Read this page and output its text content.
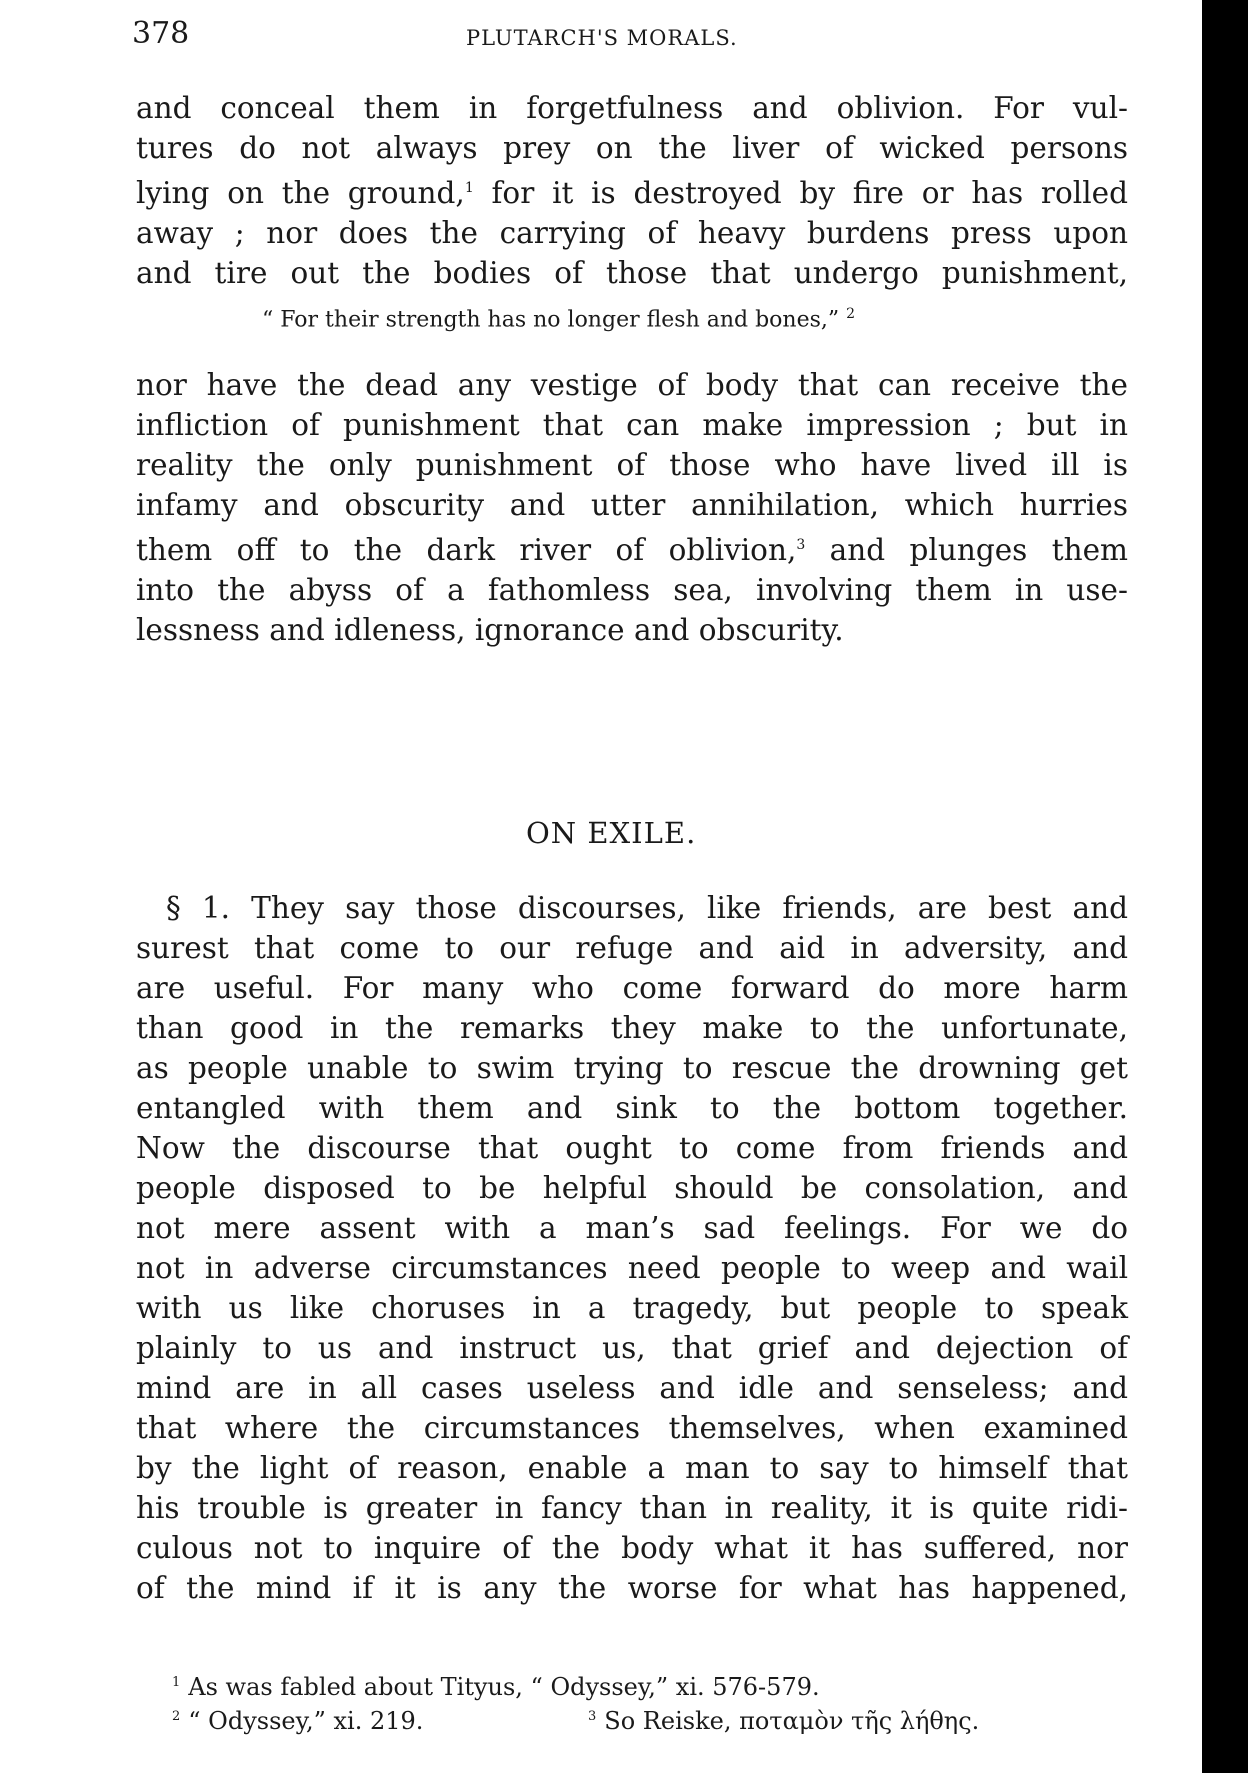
378	PLUTARCH'S MORALS.
and conceal them in forgetfulness and oblivion. For vul-
tures do not always prey on the liver of wicked persons
lying on the ground,$^1$ for it is destroyed by fire or has rolled
away ; nor does the carrying of heavy burdens press upon
and tire out the bodies of those that undergo punishment,
“ For their strength has no longer flesh and bones,” $^2$
nor have the dead any vestige of body that can receive the
infliction of punishment that can make impression ; but in
reality the only punishment of those who have lived ill is
infamy and obscurity and utter annihilation, which hurries
them off to the dark river of oblivion,$^3$ and plunges them
into the abyss of a fathomless sea, involving them in use-
lessness and idleness, ignorance and obscurity.
ON EXILE.
§ 1. They say those discourses, like friends, are best and
surest that come to our refuge and aid in adversity, and
are useful. For many who come forward do more harm
than good in the remarks they make to the unfortunate,
as people unable to swim trying to rescue the drowning get
entangled with them and sink to the bottom together.
Now the discourse that ought to come from friends and
people disposed to be helpful should be consolation, and
not mere assent with a man’s sad feelings. For we do
not in adverse circumstances need people to weep and wail
with us like choruses in a tragedy, but people to speak
plainly to us and instruct us, that grief and dejection of
mind are in all cases useless and idle and senseless; and
that where the circumstances themselves, when examined
by the light of reason, enable a man to say to himself that
his trouble is greater in fancy than in reality, it is quite ridi-
culous not to inquire of the body what it has suffered, nor
of the mind if it is any the worse for what has happened,
$^1$ As was fabled about Tityus, “ Odyssey,” xi. 576-579.
$^2$ “ Odyssey,” xi. 219.	$^3$ So Reiske, ποταμὸν τῆς λήθης.
